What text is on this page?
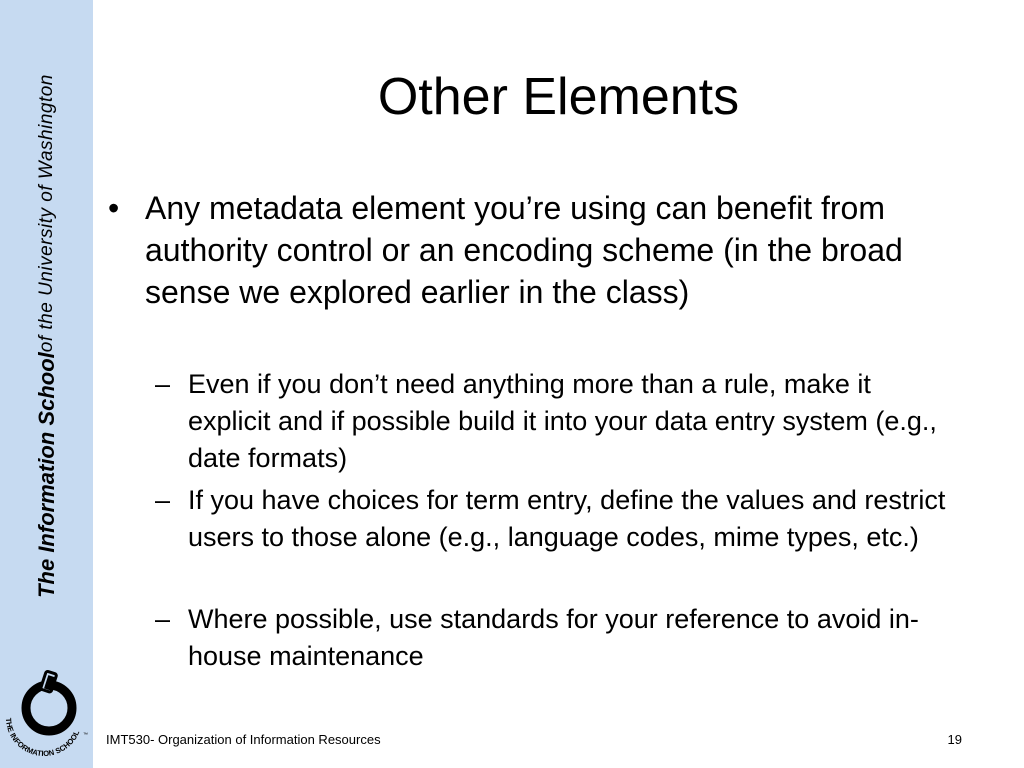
The Information School
of the University of Washington
THE INFORMATION SCHOOL ™
Other Elements
• Any metadata element you’re using can benefit from authority control or an encoding scheme (in the broad sense we explored earlier in the class)
– Even if you don’t need anything more than a rule, make it explicit and if possible build it into your data entry system (e.g., date formats)
– If you have choices for term entry, define the values and restrict users to those alone (e.g., language codes, mime types, etc.)
– Where possible, use standards for your reference to avoid in-house maintenance
IMT530- Organization of Information Resources	19
